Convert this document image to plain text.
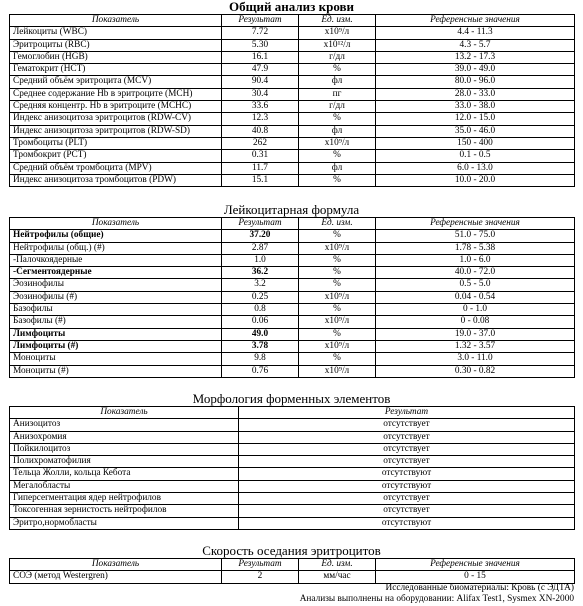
Общий анализ крови
Показатель	Результат	Ед. изм.	Референсные значения
Лейкоциты (WBC)	7.72	x10⁹/л	4.4 - 11.3
Эритроциты (RBC)	5.30	x10¹²/л	4.3 - 5.7
Гемоглобин (HGB)	16.1	г/дл	13.2 - 17.3
Гематокрит (HCT)	47.9	%	39.0 - 49.0
Средний объём эритроцита (MCV)	90.4	фл	80.0 - 96.0
Среднее содержание Hb в эритроците (MCH)	30.4	пг	28.0 - 33.0
Средняя концентр. Hb в эритроците (MCHC)	33.6	г/дл	33.0 - 38.0
Индекс анизоцитоза эритроцитов (RDW-CV)	12.3	%	12.0 - 15.0
Индекс анизоцитоза эритроцитов (RDW-SD)	40.8	фл	35.0 - 46.0
Тромбоциты (PLT)	262	x10⁹/л	150 - 400
Тромбокрит (PCT)	0.31	%	0.1 - 0.5
Средний объём тромбоцита (MPV)	11.7	фл	6.0 - 13.0
Индекс анизоцитоза тромбоцитов (PDW)	15.1	%	10.0 - 20.0
Лейкоцитарная формула
Показатель	Результат	Ед. изм.	Референсные значения
Нейтрофилы (общие)	37.20	%	51.0 - 75.0
Нейтрофилы (общ.) (#)	2.87	x10⁹/л	1.78 - 5.38
-Палочкоядерные	1.0	%	1.0 - 6.0
-Сегментоядерные	36.2	%	40.0 - 72.0
Эозинофилы	3.2	%	0.5 - 5.0
Эозинофилы (#)	0.25	x10⁹/л	0.04 - 0.54
Базофилы	0.8	%	0 - 1.0
Базофилы (#)	0.06	x10⁹/л	0 - 0.08
Лимфоциты	49.0	%	19.0 - 37.0
Лимфоциты (#)	3.78	x10⁹/л	1.32 - 3.57
Моноциты	9.8	%	3.0 - 11.0
Моноциты (#)	0.76	x10⁹/л	0.30 - 0.82
Морфология форменных элементов
Показатель	Результат
Анизоцитоз	отсутствует
Анизохромия	отсутствует
Пойкилоцитоз	отсутствует
Полихроматофилия	отсутствует
Тельца Жолли, кольца Кебота	отсутствуют
Мегалобласты	отсутствуют
Гиперсегментация ядер нейтрофилов	отсутствует
Токсогенная зернистость нейтрофилов	отсутствует
Эритро,нормобласты	отсутствуют
Скорость оседания эритроцитов
Показатель	Результат	Ед. изм.	Референсные значения
СОЭ (метод Westergren)	2	мм/час	0 - 15
Исследованные биоматериалы: Кровь (с ЭДТА)
Анализы выполнены на оборудовании: Alifax Test1, Sysmex XN-2000
